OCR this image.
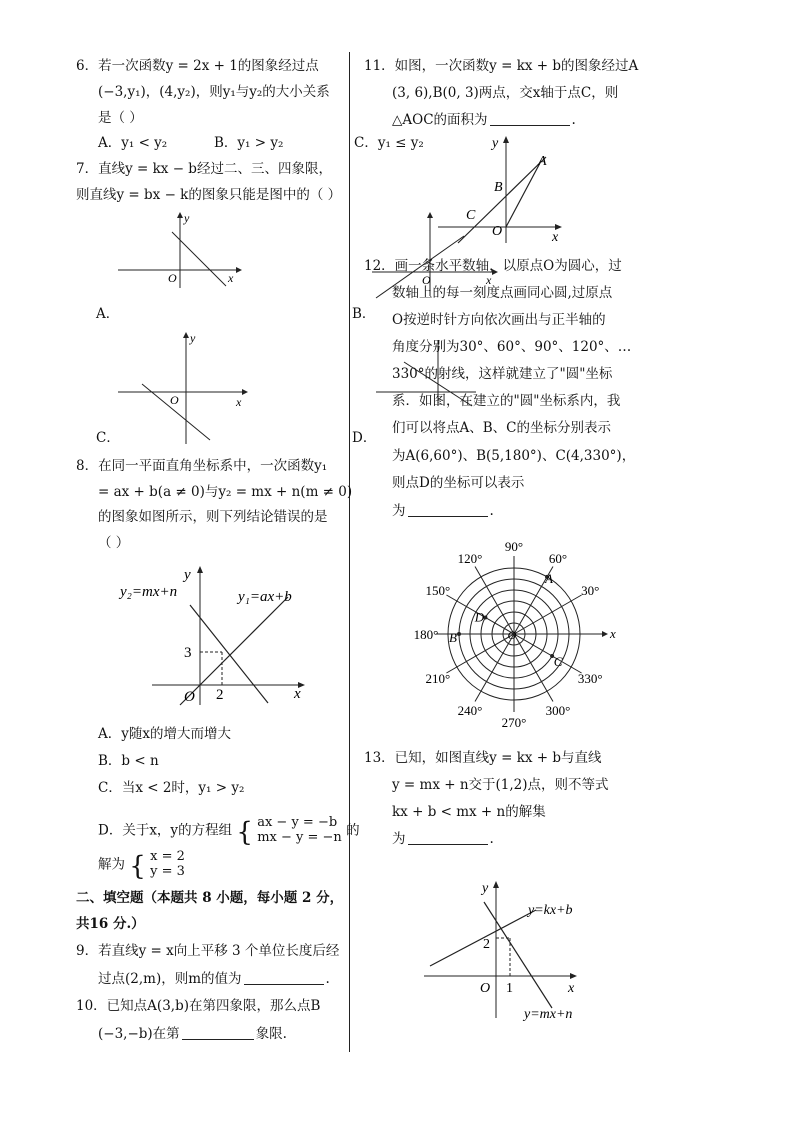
6．若一次函数y = 2x + 1的图象经过点
(−3,y₁)，(4,y₂)，则y₁与y₂的大小关系
是（ ）
A．y₁ < y₂	B．y₁ > y₂
7．直线y = kx − b经过二、三、四象限，
则直线y = bx − k的图象只能是图中的（ ）
y
x
O
A．
y
x
O
C．
8．在同一平面直角坐标系中，一次函数y₁
= ax + b(a ≠ 0)与y₂ = mx + n(m ≠ 0)
的图象如图所示，则下列结论错误的是
（ ）
y₂=mx+n	y₁=ax+b
y
x
O
3
2
A．y随x的增大而增大
B．b < n
C．当x < 2时，y₁ > y₂
D．关于x，y的方程组 { ax − y = −b
mx − y = −n 的
解为 { x = 2
y = 3
二、填空题（本题共 8 小题，每小题 2 分，
共16 分.）
9．若直线y = x向上平移 3 个单位长度后经
过点(2,m)，则m的值为	.
10．已知点A(3,b)在第四象限，那么点B
(−3,−b)在第	象限.
11．如图，一次函数y = kx + b的图象经过A
(3, 6),B(0, 3)两点，交x轴于点C，则
△AOC的面积为	.
C．y₁ ≤ y₂	y
x
A
B
C
O
O	x
B．
D．
12．画一条水平数轴，以原点O为圆心，过
数轴上的每一刻度点画同心圆,过原点
O按逆时针方向依次画出与正半轴的
角度分别为30°、60°、90°、120°、…
330°的射线，这样就建立了"圆"坐标
系．如图，在建立的"圆"坐标系内，我
们可以将点A、B、C的坐标分别表示
为A(6,60°)、B(5,180°)、C(4,330°)，
则点D的坐标可以表示
为	.
90°
60°
30°
120°
150°
180°
210°
240°
270°
300°
330°
A
B
C
D
O	x
13．已知，如图直线y = kx + b与直线
y = mx + n交于(1,2)点，则不等式
kx + b < mx + n的解集
为	.
y=kx+b
y=mx+n
y
x
O
2
1
